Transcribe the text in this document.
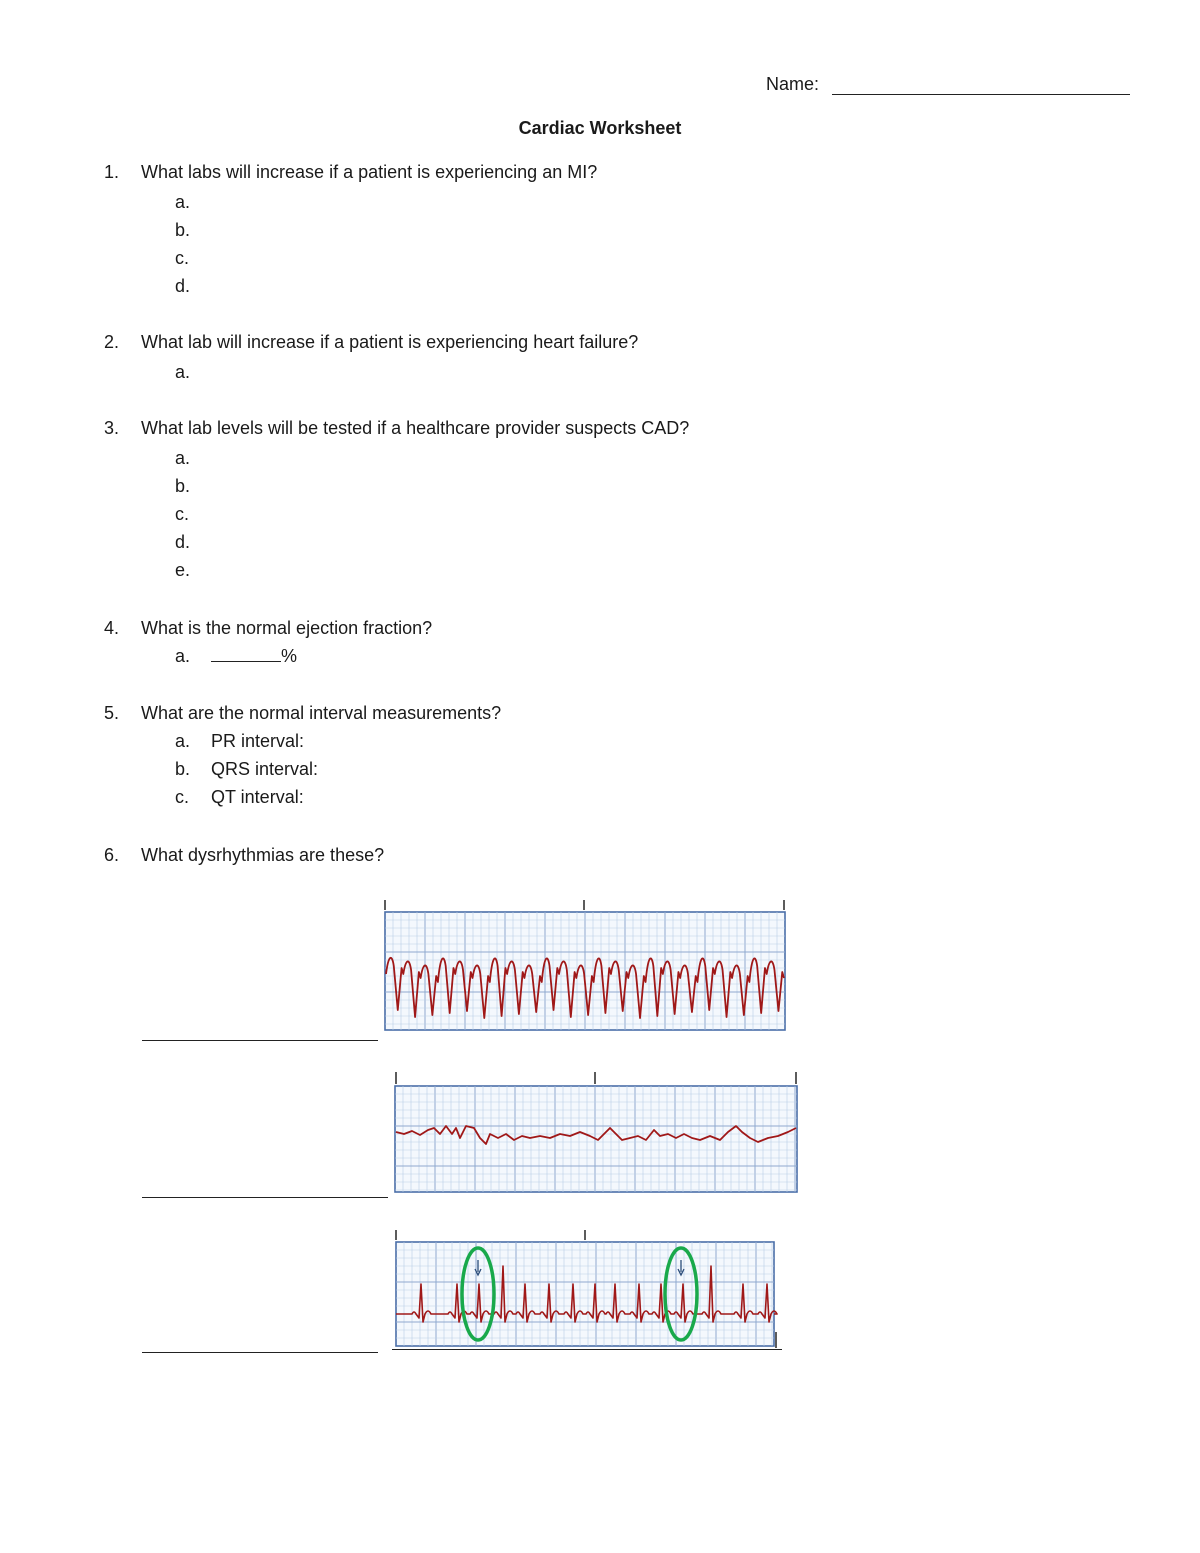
Name:
Cardiac Worksheet
1. What labs will increase if a patient is experiencing an MI?
a.
b.
c.
d.
2. What lab will increase if a patient is experiencing heart failure?
a.
3. What lab levels will be tested if a healthcare provider suspects CAD?
a.
b.
c.
d.
e.
4. What is the normal ejection fraction?
a.	%
5. What are the normal interval measurements?
a. PR interval:
b. QRS interval:
c. QT interval:
6. What dysrhythmias are these?
